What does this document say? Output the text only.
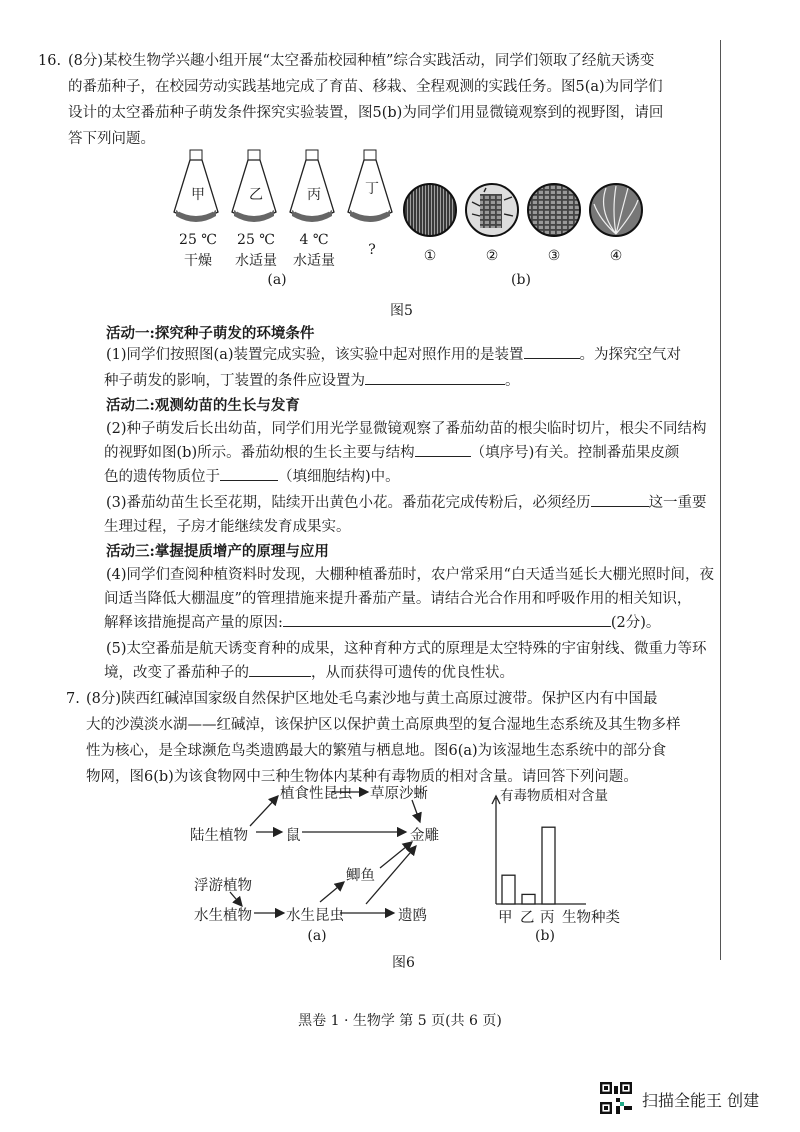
16. (8分)某校生物学兴趣小组开展“太空番茄校园种植”综合实践活动，同学们领取了经航天诱变
的番茄种子，在校园劳动实践基地完成了育苗、移栽、全程观测的实践任务。图5(a)为同学们
设计的太空番茄种子萌发条件探究实验装置，图5(b)为同学们用显微镜观察到的视野图，请回
答下列问题。
甲	乙	丙	丁
25 ℃	25 ℃	4 ℃
干燥	水适量	水适量
?
(a)
①	②	③	④
(b)
图5
活动一:探究种子萌发的环境条件
(1)同学们按照图(a)装置完成实验，该实验中起对照作用的是装置	。为探究空气对
种子萌发的影响，丁装置的条件应设置为	。
活动二:观测幼苗的生长与发育
(2)种子萌发后长出幼苗，同学们用光学显微镜观察了番茄幼苗的根尖临时切片，根尖不同结构
的视野如图(b)所示。番茄幼根的生长主要与结构	（填序号)有关。控制番茄果皮颜
色的遗传物质位于	（填细胞结构)中。
(3)番茄幼苗生长至花期，陆续开出黄色小花。番茄花完成传粉后，必须经历	这一重要
生理过程，子房才能继续发育成果实。
活动三:掌握提质增产的原理与应用
(4)同学们查阅种植资料时发现，大棚种植番茄时，农户常采用“白天适当延长大棚光照时间，夜
间适当降低大棚温度”的管理措施来提升番茄产量。请结合光合作用和呼吸作用的相关知识，
解释该措施提高产量的原因:	(2分)。
(5)太空番茄是航天诱变育种的成果，这种育种方式的原理是太空特殊的宇宙射线、微重力等环
境，改变了番茄种子的	，从而获得可遗传的优良性状。
7. (8分)陕西红碱淖国家级自然保护区地处毛乌素沙地与黄土高原过渡带。保护区内有中国最
大的沙漠淡水湖——红碱淖，该保护区以保护黄土高原典型的复合湿地生态系统及其生物多样
性为核心，是全球濒危鸟类遗鸥最大的繁殖与栖息地。图6(a)为该湿地生态系统中的部分食
物网，图6(b)为该食物网中三种生物体内某种有毒物质的相对含量。请回答下列问题。
植食性昆虫 草原沙蜥
陆生植物	鼠	金雕
鲫鱼
浮游植物
水生植物 水生昆虫	遗鸥
(a)
有毒物质相对含量
甲 乙 丙 生物种类
(b)
图6
黑卷 1 · 生物学 第 5 页(共 6 页)
扫描全能王 创建
